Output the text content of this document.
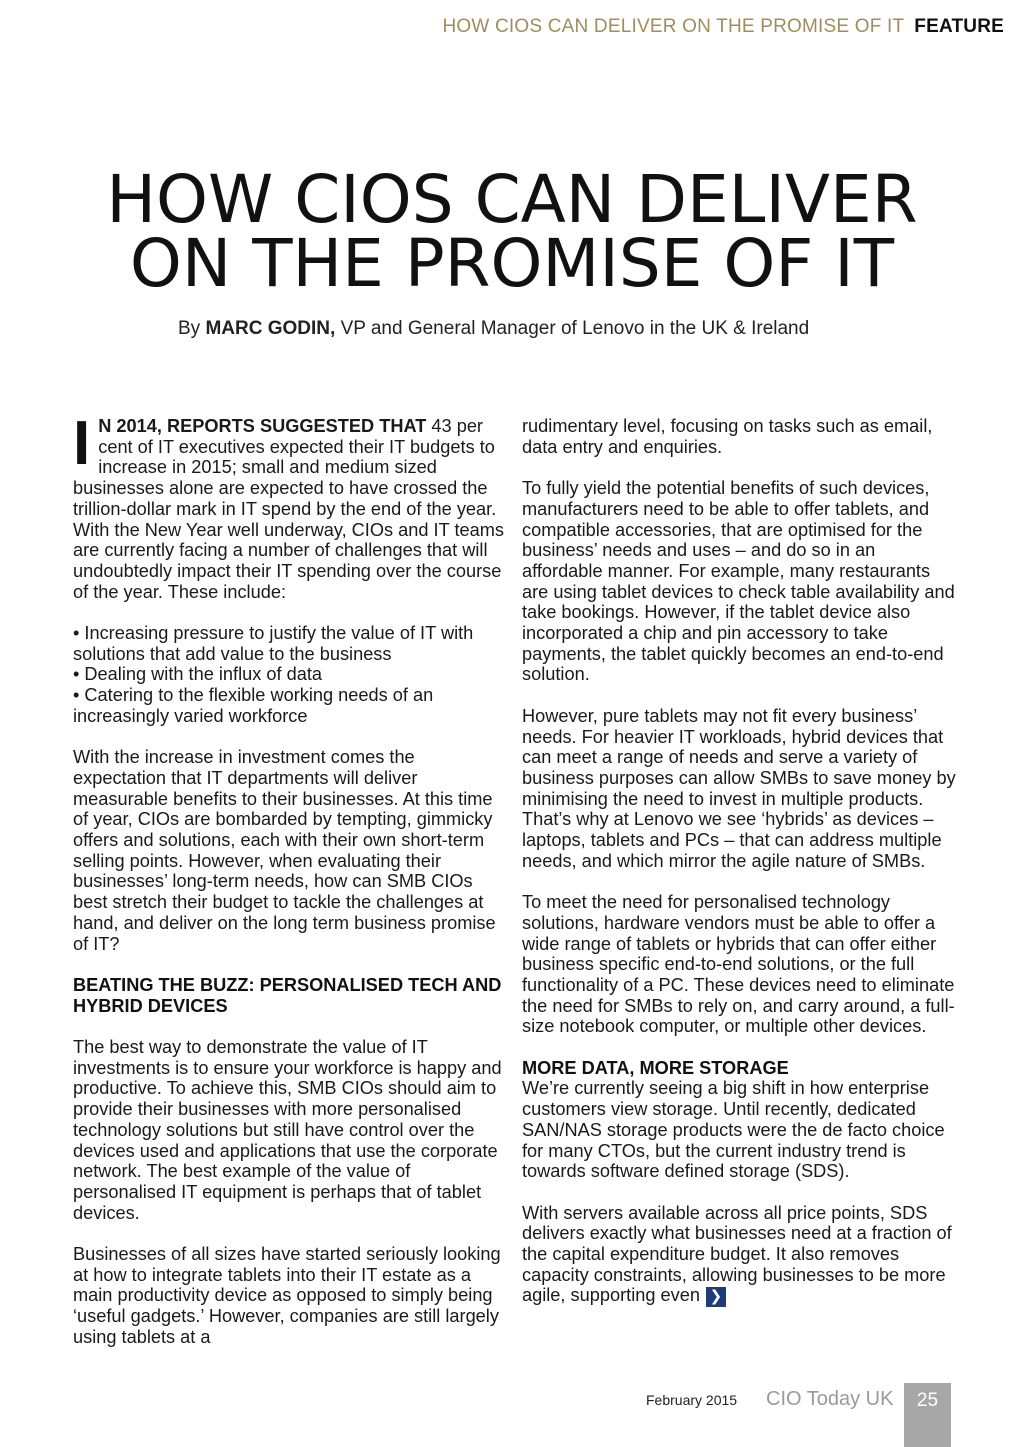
HOW CIOS CAN DELIVER ON THE PROMISE OF IT FEATURE
HOW CIOS CAN DELIVER
ON THE PROMISE OF IT
By MARC GODIN, VP and General Manager of Lenovo in the UK & Ireland

I N 2014, REPORTS SUGGESTED THAT 43 per cent of IT executives expected their IT budgets to increase in 2015; small and medium sized businesses alone are expected to have crossed the trillion-dollar mark in IT spend by the end of the year. With the New Year well underway, CIOs and IT teams are currently facing a number of challenges that will undoubtedly impact their IT spending over the course of the year. These include:

• Increasing pressure to justify the value of IT with solutions that add value to the business
• Dealing with the influx of data
• Catering to the flexible working needs of an increasingly varied workforce

With the increase in investment comes the expectation that IT departments will deliver measurable benefits to their businesses. At this time of year, CIOs are bombarded by tempting, gimmicky offers and solutions, each with their own short-term selling points. However, when evaluating their businesses’ long-term needs, how can SMB CIOs best stretch their budget to tackle the challenges at hand, and deliver on the long term business promise of IT?

BEATING THE BUZZ: PERSONALISED TECH AND HYBRID DEVICES

The best way to demonstrate the value of IT investments is to ensure your workforce is happy and productive. To achieve this, SMB CIOs should aim to provide their businesses with more personalised technology solutions but still have control over the devices used and applications that use the corporate network. The best example of the value of personalised IT equipment is perhaps that of tablet devices.

Businesses of all sizes have started seriously looking at how to integrate tablets into their IT estate as a main productivity device as opposed to simply being ‘useful gadgets.’ However, companies are still largely using tablets at a

rudimentary level, focusing on tasks such as email, data entry and enquiries.

To fully yield the potential benefits of such devices, manufacturers need to be able to offer tablets, and compatible accessories, that are optimised for the business’ needs and uses – and do so in an affordable manner. For example, many restaurants are using tablet devices to check table availability and take bookings. However, if the tablet device also incorporated a chip and pin accessory to take payments, the tablet quickly becomes an end-to-end solution.

However, pure tablets may not fit every business’ needs. For heavier IT workloads, hybrid devices that can meet a range of needs and serve a variety of business purposes can allow SMBs to save money by minimising the need to invest in multiple products. That’s why at Lenovo we see ‘hybrids’ as devices – laptops, tablets and PCs – that can address multiple needs, and which mirror the agile nature of SMBs.

To meet the need for personalised technology solutions, hardware vendors must be able to offer a wide range of tablets or hybrids that can offer either business specific end-to-end solutions, or the full functionality of a PC. These devices need to eliminate the need for SMBs to rely on, and carry around, a full-size notebook computer, or multiple other devices.

MORE DATA, MORE STORAGE

We’re currently seeing a big shift in how enterprise customers view storage. Until recently, dedicated SAN/NAS storage products were the de facto choice for many CTOs, but the current industry trend is towards software defined storage (SDS).

With servers available across all price points, SDS delivers exactly what businesses need at a fraction of the capital expenditure budget. It also removes capacity constraints, allowing businesses to be more agile, supporting even ❯

February 2015 CIO Today UK	25
